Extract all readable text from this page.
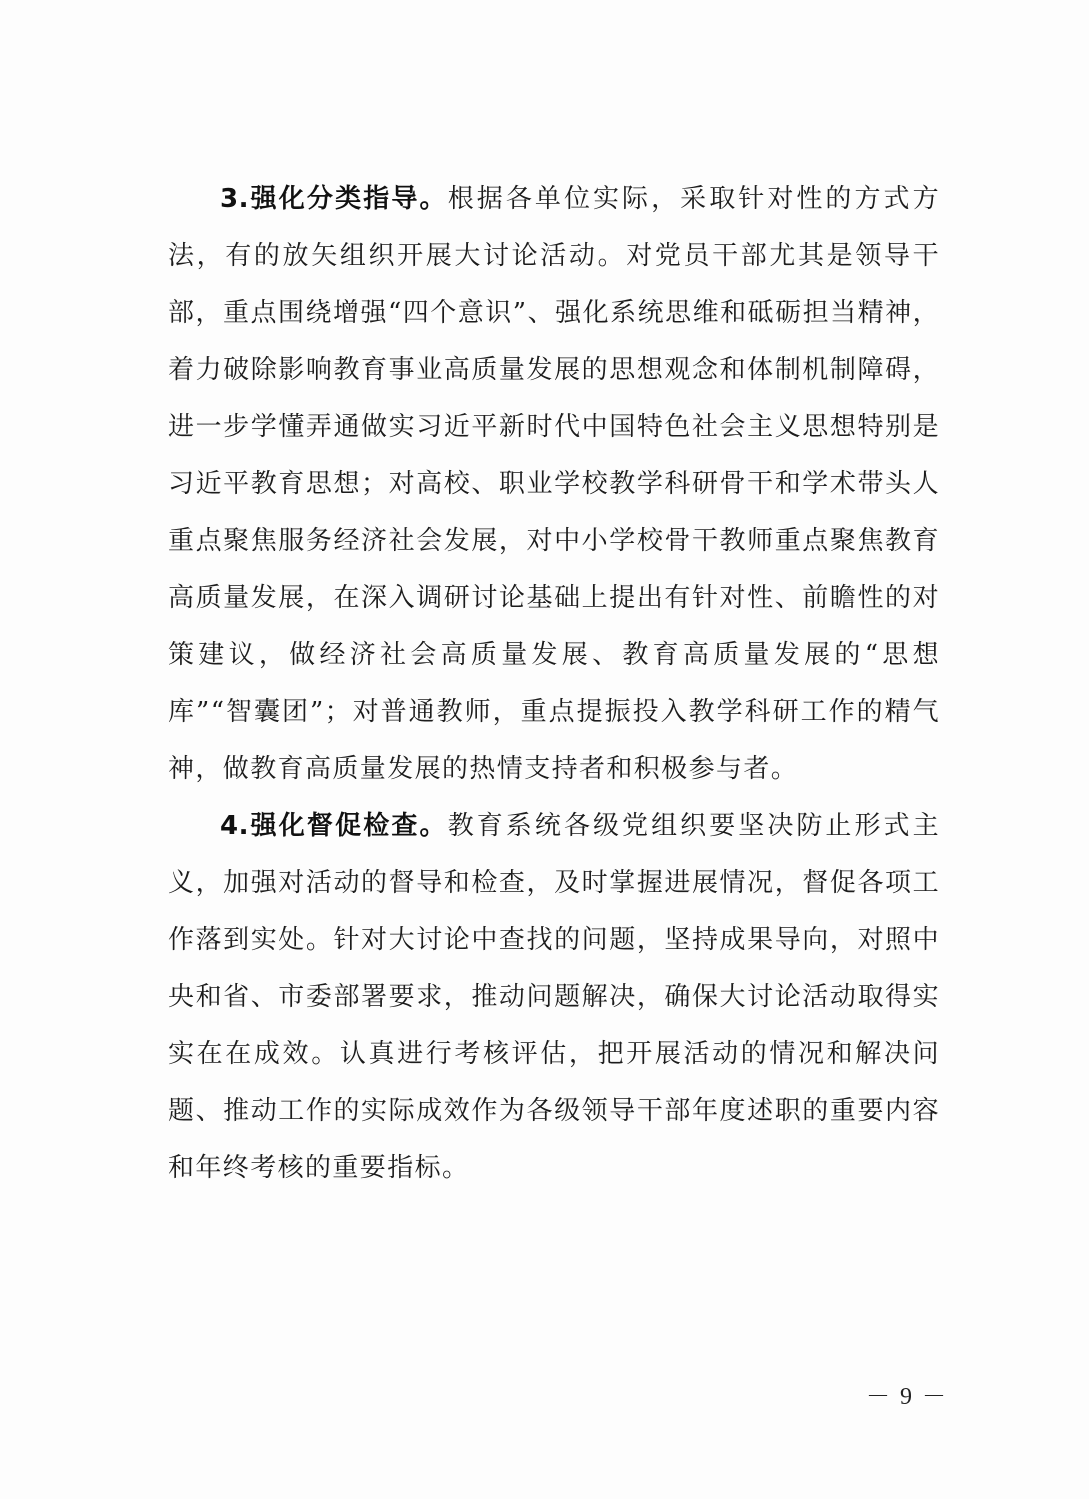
3.强化分类指导。根据各单位实际，采取针对性的方式方法，有的放矢组织开展大讨论活动。对党员干部尤其是领导干部，重点围绕增强“四个意识”、强化系统思维和砥砺担当精神，着力破除影响教育事业高质量发展的思想观念和体制机制障碍，进一步学懂弄通做实习近平新时代中国特色社会主义思想特别是习近平教育思想；对高校、职业学校教学科研骨干和学术带头人重点聚焦服务经济社会发展，对中小学校骨干教师重点聚焦教育高质量发展，在深入调研讨论基础上提出有针对性、前瞻性的对策建议，做经济社会高质量发展、教育高质量发展的“思想库”“智囊团”；对普通教师，重点提振投入教学科研工作的精气神，做教育高质量发展的热情支持者和积极参与者。

4.强化督促检查。教育系统各级党组织要坚决防止形式主义，加强对活动的督导和检查，及时掌握进展情况，督促各项工作落到实处。针对大讨论中查找的问题，坚持成果导向，对照中央和省、市委部署要求，推动问题解决，确保大讨论活动取得实实在在成效。认真进行考核评估，把开展活动的情况和解决问题、推动工作的实际成效作为各级领导干部年度述职的重要内容和年终考核的重要指标。

－ 9 －
